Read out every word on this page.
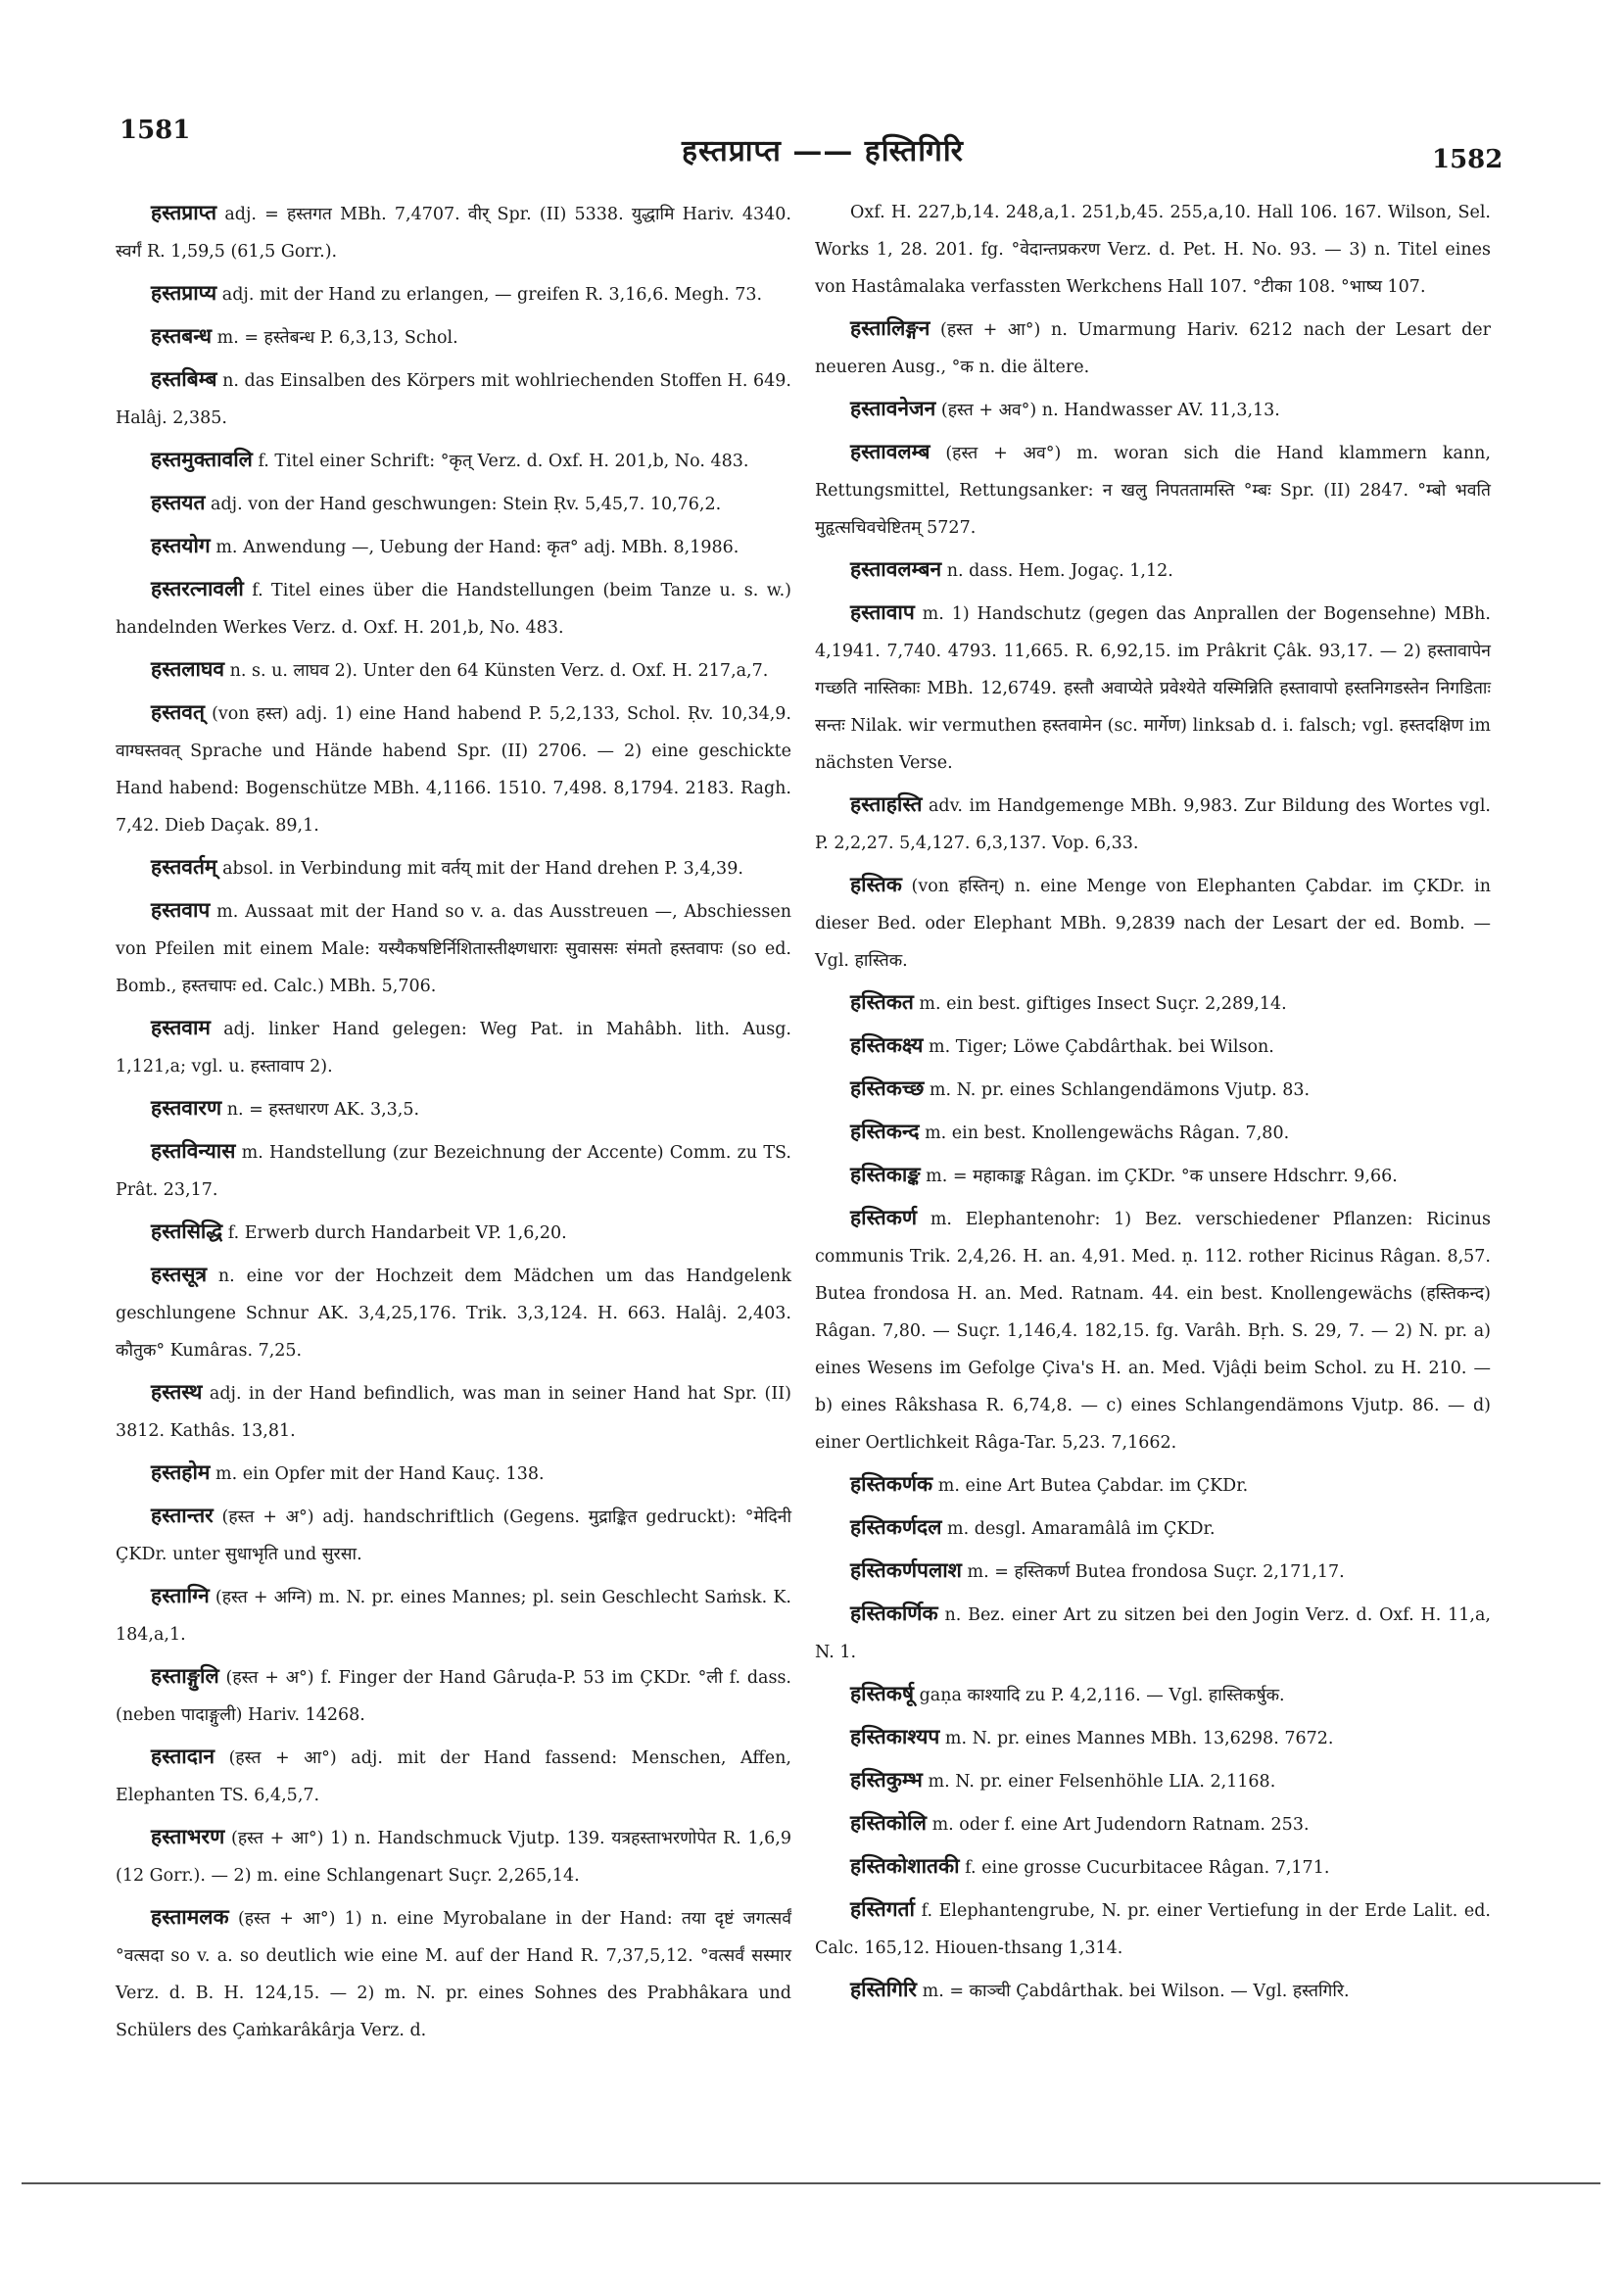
1581
हस्तप्राप्त —— हस्तिगिरि	1582

हस्तप्राप्त adj. = हस्तगत MBh. 7,4707. वीर् Spr. (II) 5338. युद्धामि Hariv. 4340. स्वर्गं R. 1,59,5 (61,5 Gorr.).

हस्तप्राप्य adj. mit der Hand zu erlangen, — greifen R. 3,16,6. Megh. 73.

हस्तबन्ध m. = हस्तेबन्ध P. 6,3,13, Schol.

हस्तबिम्ब n. das Einsalben des Körpers mit wohlriechenden Stoffen H. 649. Halâj. 2,385.

हस्तमुक्तावलि f. Titel einer Schrift: °कृत् Verz. d. Oxf. H. 201,b, No. 483.

हस्तयत adj. von der Hand geschwungen: Stein Ṛv. 5,45,7. 10,76,2.

हस्तयोग m. Anwendung —, Uebung der Hand: कृत° adj. MBh. 8,1986.

हस्तरत्नावली f. Titel eines über die Handstellungen (beim Tanze u. s. w.) handelnden Werkes Verz. d. Oxf. H. 201,b, No. 483.

हस्तलाघव n. s. u. लाघव 2). Unter den 64 Künsten Verz. d. Oxf. H. 217,a,7.

हस्तवत् (von हस्त) adj. 1) eine Hand habend P. 5,2,133, Schol. Ṛv. 10,34,9. वाग्घस्तवत् Sprache und Hände habend Spr. (II) 2706. — 2) eine geschickte Hand habend: Bogenschütze MBh. 4,1166. 1510. 7,498. 8,1794. 2183. Ragh. 7,42. Dieb Daçak. 89,1.

हस्तवर्तम् absol. in Verbindung mit वर्तय् mit der Hand drehen P. 3,4,39.

हस्तवाप m. Aussaat mit der Hand so v. a. das Ausstreuen —, Abschiessen von Pfeilen mit einem Male: यस्यैकषष्टिर्निशितास्तीक्ष्णधाराः सुवाससः संमतो हस्तवापः (so ed. Bomb., हस्तचापः ed. Calc.) MBh. 5,706.

हस्तवाम adj. linker Hand gelegen: Weg Pat. in Mahâbh. lith. Ausg. 1,121,a; vgl. u. हस्तावाप 2).

हस्तवारण n. = हस्तधारण AK. 3,3,5.

हस्तविन्यास m. Handstellung (zur Bezeichnung der Accente) Comm. zu TS. Prât. 23,17.

हस्तसिद्धि f. Erwerb durch Handarbeit VP. 1,6,20.

हस्तसूत्र n. eine vor der Hochzeit dem Mädchen um das Handgelenk geschlungene Schnur AK. 3,4,25,176. Trik. 3,3,124. H. 663. Halâj. 2,403. कौतुक° Kumâras. 7,25.

हस्तस्थ adj. in der Hand befindlich, was man in seiner Hand hat Spr. (II) 3812. Kathâs. 13,81.

हस्तहोम m. ein Opfer mit der Hand Kauç. 138.

हस्तान्तर (हस्त + अ°) adj. handschriftlich (Gegens. मुद्राङ्कित gedruckt): °मेदिनी ÇKDr. unter सुधाभृति und सुरसा.

हस्ताग्नि (हस्त + अग्नि) m. N. pr. eines Mannes; pl. sein Geschlecht Saṁsk. K. 184,a,1.

हस्ताङ्गुलि (हस्त + अ°) f. Finger der Hand Gâruḍa-P. 53 im ÇKDr. °ली f. dass. (neben पादाङ्गुली) Hariv. 14268.

हस्तादान (हस्त + आ°) adj. mit der Hand fassend: Menschen, Affen, Elephanten TS. 6,4,5,7.

हस्ताभरण (हस्त + आ°) 1) n. Handschmuck Vjutp. 139. यत्रहस्ताभरणोपेत R. 1,6,9 (12 Gorr.). — 2) m. eine Schlangenart Suçr. 2,265,14.

हस्तामलक (हस्त + आ°) 1) n. eine Myrobalane in der Hand: तया दृष्टं जगत्सर्वं °वत्सदा so v. a. so deutlich wie eine M. auf der Hand R. 7,37,5,12. °वत्सर्वं सस्मार Verz. d. B. H. 124,15. — 2) m. N. pr. eines Sohnes des Prabhâkara und Schülers des Çaṁkarâkârja Verz. d.

Oxf. H. 227,b,14. 248,a,1. 251,b,45. 255,a,10. Hall 106. 167. Wilson, Sel. Works 1, 28. 201. fg. °वेदान्तप्रकरण Verz. d. Pet. H. No. 93. — 3) n. Titel eines von Hastâmalaka verfassten Werkchens Hall 107. °टीका 108. °भाष्य 107.

हस्तालिङ्गन (हस्त + आ°) n. Umarmung Hariv. 6212 nach der Lesart der neueren Ausg., °क n. die ältere.

हस्तावनेजन (हस्त + अव°) n. Handwasser AV. 11,3,13.

हस्तावलम्ब (हस्त + अव°) m. woran sich die Hand klammern kann, Rettungsmittel, Rettungsanker: न खलु निपततामस्ति °म्बः Spr. (II) 2847. °म्बो भवति मुहृत्सचिवचेष्टितम् 5727.

हस्तावलम्बन n. dass. Hem. Jogaç. 1,12.

हस्तावाप m. 1) Handschutz (gegen das Anprallen der Bogensehne) MBh. 4,1941. 7,740. 4793. 11,665. R. 6,92,15. im Prâkrit Çâk. 93,17. — 2) हस्तावापेन गच्छति नास्तिकाः MBh. 12,6749. हस्तौ अवाप्येते प्रवेश्येते यस्मिन्निति हस्तावापो हस्तनिगडस्तेन निगडिताः सन्तः Nilak. wir vermuthen हस्तवामेन (sc. मार्गेण) linksab d. i. falsch; vgl. हस्तदक्षिण im nächsten Verse.

हस्ताहस्ति adv. im Handgemenge MBh. 9,983. Zur Bildung des Wortes vgl. P. 2,2,27. 5,4,127. 6,3,137. Vop. 6,33.

हस्तिक (von हस्तिन्) n. eine Menge von Elephanten Çabdar. im ÇKDr. in dieser Bed. oder Elephant MBh. 9,2839 nach der Lesart der ed. Bomb. — Vgl. हास्तिक.

हस्तिकत m. ein best. giftiges Insect Suçr. 2,289,14.

हस्तिकक्ष्य m. Tiger; Löwe Çabdârthak. bei Wilson.

हस्तिकच्छ m. N. pr. eines Schlangendämons Vjutp. 83.

हस्तिकन्द m. ein best. Knollengewächs Râgan. 7,80.

हस्तिकाङ्क m. = महाकाङ्क Râgan. im ÇKDr. °क unsere Hdschrr. 9,66.

हस्तिकर्ण m. Elephantenohr: 1) Bez. verschiedener Pflanzen: Ricinus communis Trik. 2,4,26. H. an. 4,91. Med. ṇ. 112. rother Ricinus Râgan. 8,57. Butea frondosa H. an. Med. Ratnam. 44. ein best. Knollengewächs (हस्तिकन्द) Râgan. 7,80. — Suçr. 1,146,4. 182,15. fg. Varâh. Bṛh. S. 29, 7. — 2) N. pr. a) eines Wesens im Gefolge Çiva's H. an. Med. Vjâḍi beim Schol. zu H. 210. — b) eines Râkshasa R. 6,74,8. — c) eines Schlangendämons Vjutp. 86. — d) einer Oertlichkeit Râga-Tar. 5,23. 7,1662.

हस्तिकर्णक m. eine Art Butea Çabdar. im ÇKDr.

हस्तिकर्णदल m. desgl. Amaramâlâ im ÇKDr.

हस्तिकर्णपलाश m. = हस्तिकर्ण Butea frondosa Suçr. 2,171,17.

हस्तिकर्णिक n. Bez. einer Art zu sitzen bei den Jogin Verz. d. Oxf. H. 11,a, N. 1.

हस्तिकर्षू gaṇa काश्यादि zu P. 4,2,116. — Vgl. हास्तिकर्षुक.

हस्तिकाश्यप m. N. pr. eines Mannes MBh. 13,6298. 7672.

हस्तिकुम्भ m. N. pr. einer Felsenhöhle LIA. 2,1168.

हस्तिकोलि m. oder f. eine Art Judendorn Ratnam. 253.

हस्तिकोशातकी f. eine grosse Cucurbitacee Râgan. 7,171.

हस्तिगर्ता f. Elephantengrube, N. pr. einer Vertiefung in der Erde Lalit. ed. Calc. 165,12. Hiouen-thsang 1,314.

हस्तिगिरि m. = काञ्ची Çabdârthak. bei Wilson. — Vgl. हस्तगिरि.
